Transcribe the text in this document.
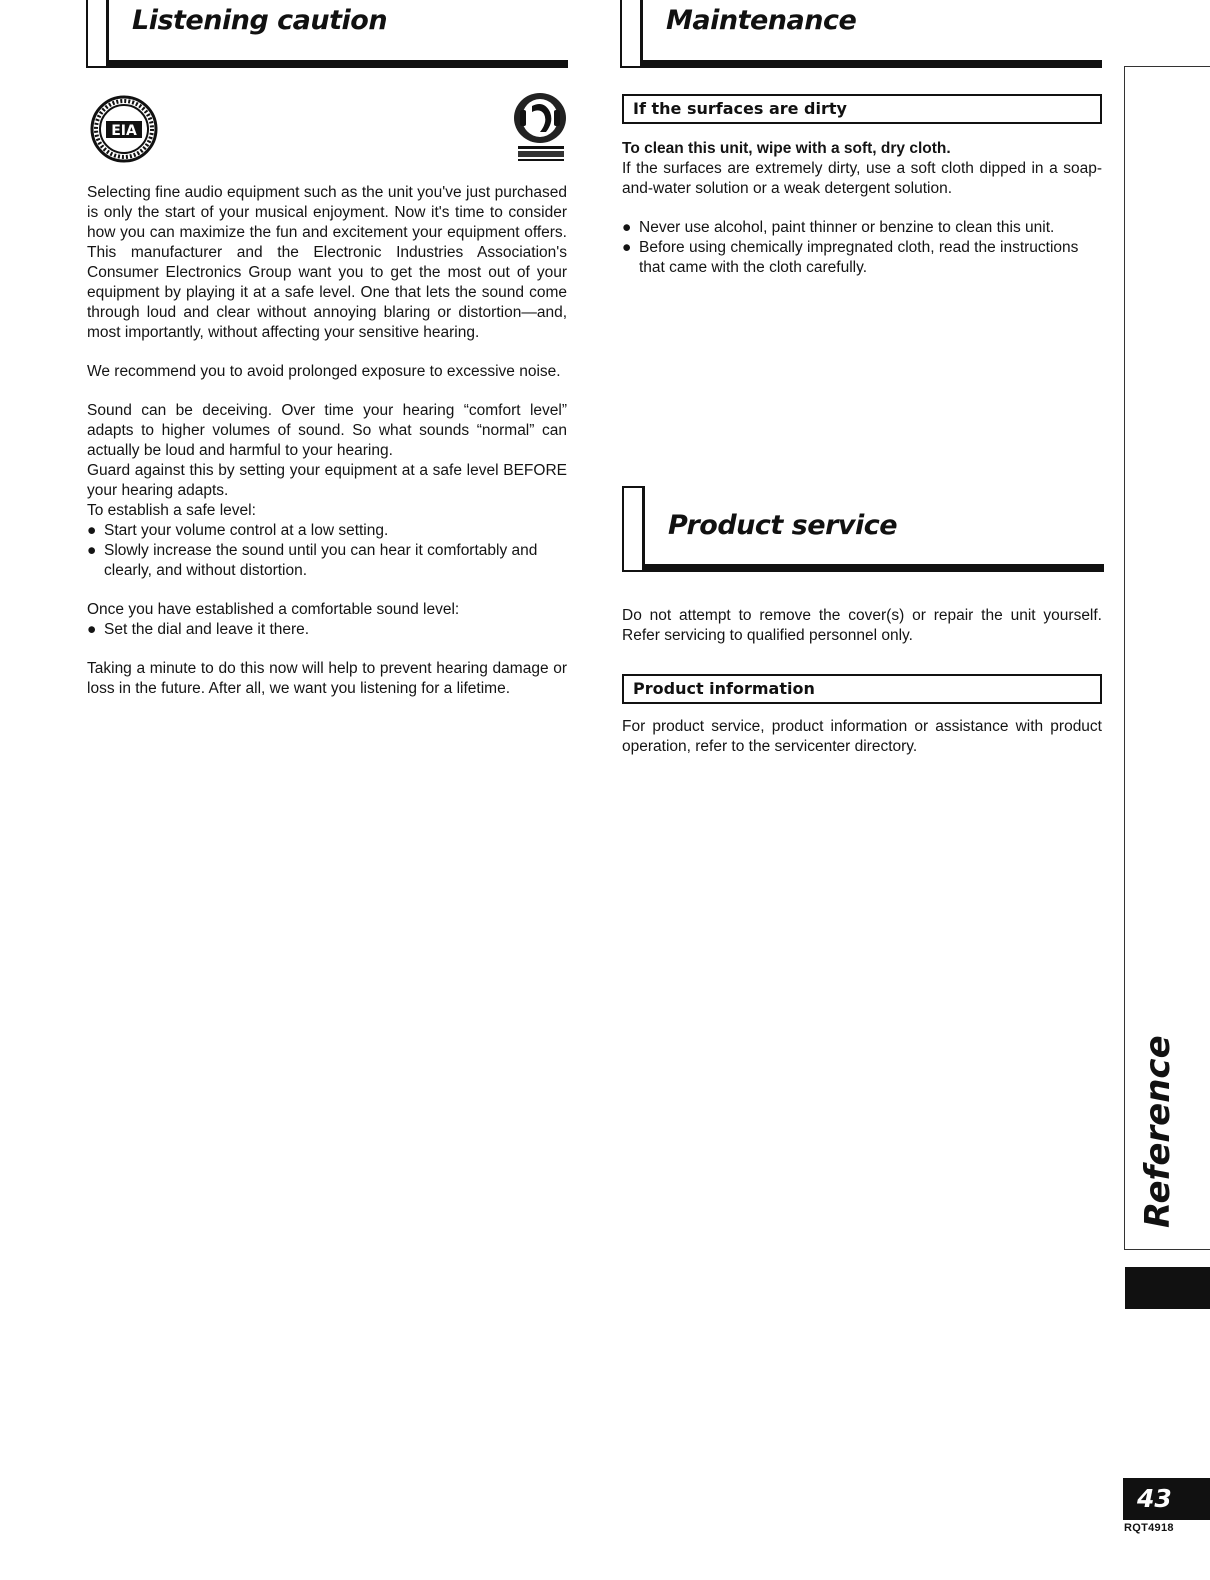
Listening caution
EIA

Selecting fine audio equipment such as the unit you've just purchased is only the start of your musical enjoyment. Now it's time to consider how you can maximize the fun and excitement your equipment offers. This manufacturer and the Electronic Industries Association's Consumer Electronics Group want you to get the most out of your equipment by playing it at a safe level. One that lets the sound come through loud and clear without annoying blaring or distortion—and, most importantly, without affecting your sensitive hearing.

We recommend you to avoid prolonged exposure to excessive noise.

Sound can be deceiving. Over time your hearing “comfort level” adapts to higher volumes of sound. So what sounds “normal” can actually be loud and harmful to your hearing.

Guard against this by setting your equipment at a safe level BEFORE your hearing adapts.

To establish a safe level:

● Start your volume control at a low setting.
● Slowly increase the sound until you can hear it comfortably and clearly, and without distortion.

Once you have established a comfortable sound level:

● Set the dial and leave it there.

Taking a minute to do this now will help to prevent hearing damage or loss in the future. After all, we want you listening for a lifetime.

Maintenance
If the surfaces are dirty

To clean this unit, wipe with a soft, dry cloth.

If the surfaces are extremely dirty, use a soft cloth dipped in a soap-and-water solution or a weak detergent solution.

● Never use alcohol, paint thinner or benzine to clean this unit.
● Before using chemically impregnated cloth, read the instructions that came with the cloth carefully.
Product service

Do not attempt to remove the cover(s) or repair the unit yourself. Refer servicing to qualified personnel only.

Product information

For product service, product information or assistance with product operation, refer to the servicenter directory.

Reference
43
RQT4918
